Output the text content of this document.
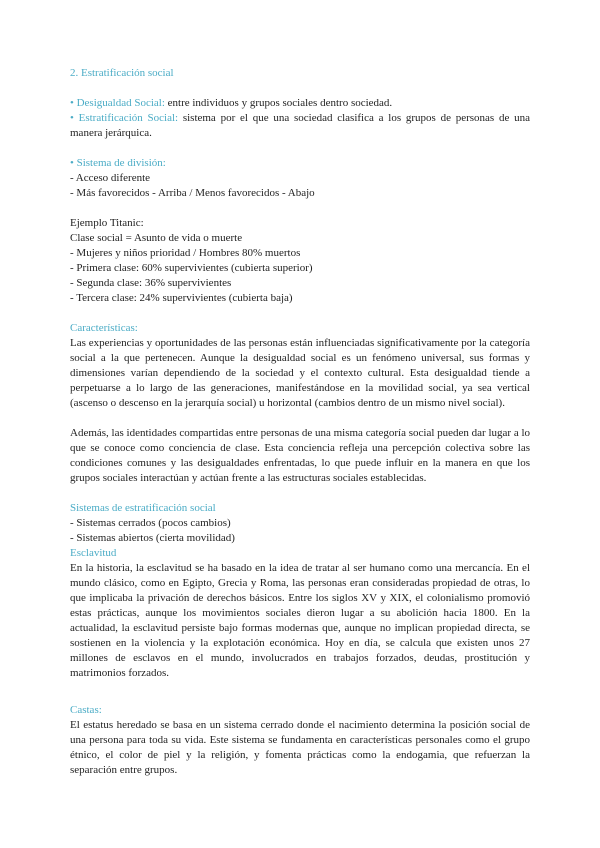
2. Estratificación social

• Desigualdad Social: entre individuos y grupos sociales dentro sociedad.

• Estratificación Social: sistema por el que una sociedad clasifica a los grupos de personas de una manera jerárquica.

• Sistema de división:

- Acceso diferente

- Más favorecidos - Arriba / Menos favorecidos - Abajo

Ejemplo Titanic:

Clase social = Asunto de vida o muerte

- Mujeres y niños prioridad / Hombres 80% muertos

- Primera clase: 60% supervivientes (cubierta superior)

- Segunda clase: 36% supervivientes

- Tercera clase: 24% supervivientes (cubierta baja)

Características:

Las experiencias y oportunidades de las personas están influenciadas significativamente por la categoría social a la que pertenecen. Aunque la desigualdad social es un fenómeno universal, sus formas y dimensiones varían dependiendo de la sociedad y el contexto cultural. Esta desigualdad tiende a perpetuarse a lo largo de las generaciones, manifestándose en la movilidad social, ya sea vertical (ascenso o descenso en la jerarquía social) u horizontal (cambios dentro de un mismo nivel social).

Además, las identidades compartidas entre personas de una misma categoría social pueden dar lugar a lo que se conoce como conciencia de clase. Esta conciencia refleja una percepción colectiva sobre las condiciones comunes y las desigualdades enfrentadas, lo que puede influir en la manera en que los grupos sociales interactúan y actúan frente a las estructuras sociales establecidas.

Sistemas de estratificación social

- Sistemas cerrados (pocos cambios)

- Sistemas abiertos (cierta movilidad)

Esclavitud

En la historia, la esclavitud se ha basado en la idea de tratar al ser humano como una mercancía. En el mundo clásico, como en Egipto, Grecia y Roma, las personas eran consideradas propiedad de otras, lo que implicaba la privación de derechos básicos. Entre los siglos XV y XIX, el colonialismo promovió estas prácticas, aunque los movimientos sociales dieron lugar a su abolición hacia 1800. En la actualidad, la esclavitud persiste bajo formas modernas que, aunque no implican propiedad directa, se sostienen en la violencia y la explotación económica. Hoy en día, se calcula que existen unos 27 millones de esclavos en el mundo, involucrados en trabajos forzados, deudas, prostitución y matrimonios forzados.

Castas:

El estatus heredado se basa en un sistema cerrado donde el nacimiento determina la posición social de una persona para toda su vida. Este sistema se fundamenta en características personales como el grupo étnico, el color de piel y la religión, y fomenta prácticas como la endogamia, que refuerzan la separación entre grupos.
